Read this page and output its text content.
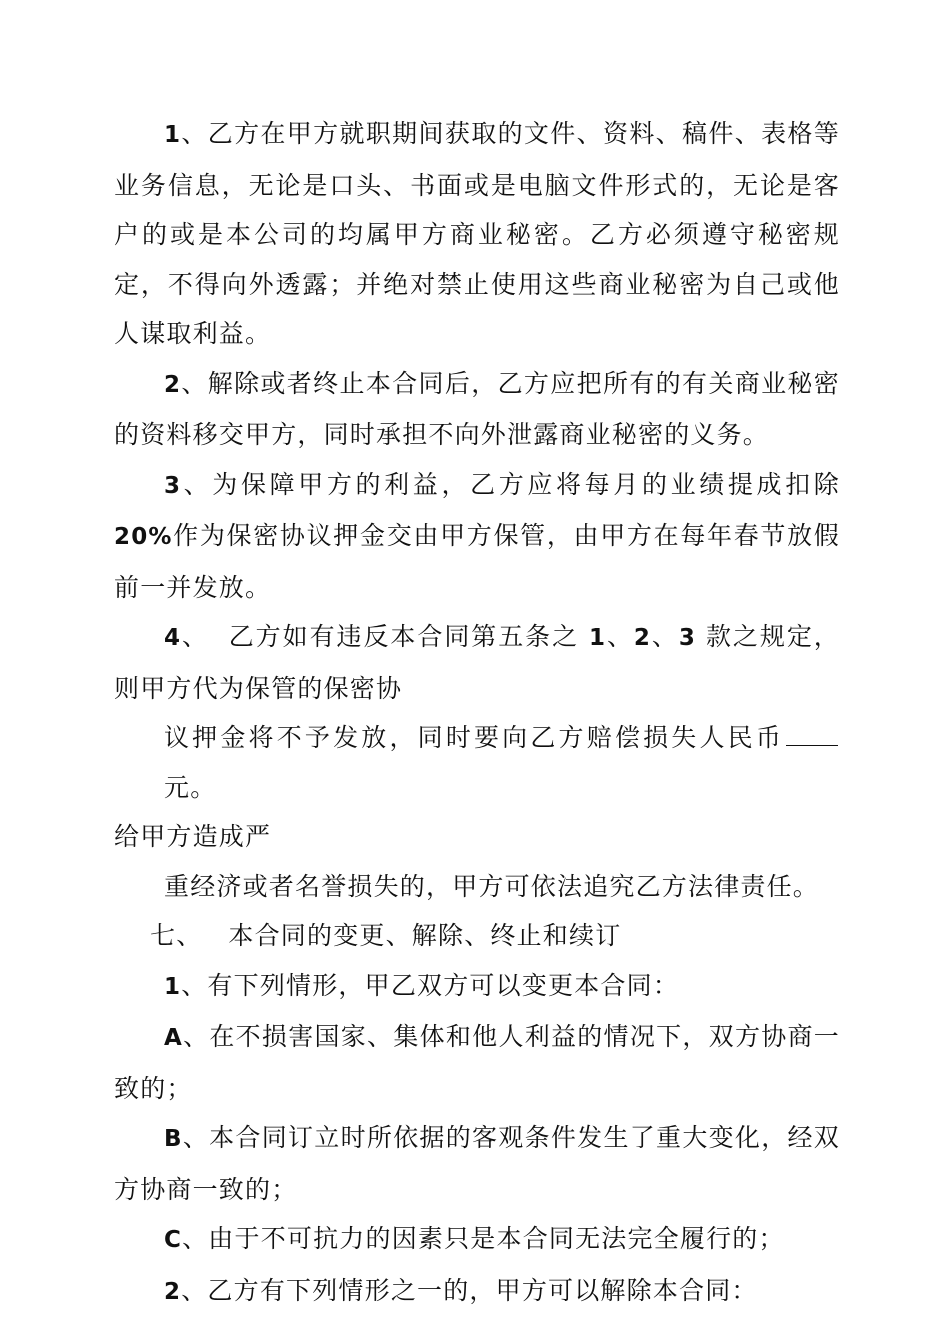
1、乙方在甲方就职期间获取的文件、资料、稿件、表格等业务信息，无论是口头、书面或是电脑文件形式的，无论是客户的或是本公司的均属甲方商业秘密。乙方必须遵守秘密规定，不得向外透露；并绝对禁止使用这些商业秘密为自己或他人谋取利益。

2、解除或者终止本合同后，乙方应把所有的有关商业秘密的资料移交甲方，同时承担不向外泄露商业秘密的义务。

3、为保障甲方的利益，乙方应将每月的业绩提成扣除20%作为保密协议押金交由甲方保管，由甲方在每年春节放假前一并发放。

4、  乙方如有违反本合同第五条之 1、2、3 款之规定，则甲方代为保管的保密协

议押金将不予发放，同时要向乙方赔偿损失人民币元。

给甲方造成严

重经济或者名誉损失的，甲方可依法追究乙方法律责任。

七、 本合同的变更、解除、终止和续订

1、有下列情形，甲乙双方可以变更本合同：

A、在不损害国家、集体和他人利益的情况下，双方协商一致的；

B、本合同订立时所依据的客观条件发生了重大变化，经双方协商一致的；

C、由于不可抗力的因素只是本合同无法完全履行的；

2、乙方有下列情形之一的，甲方可以解除本合同：
